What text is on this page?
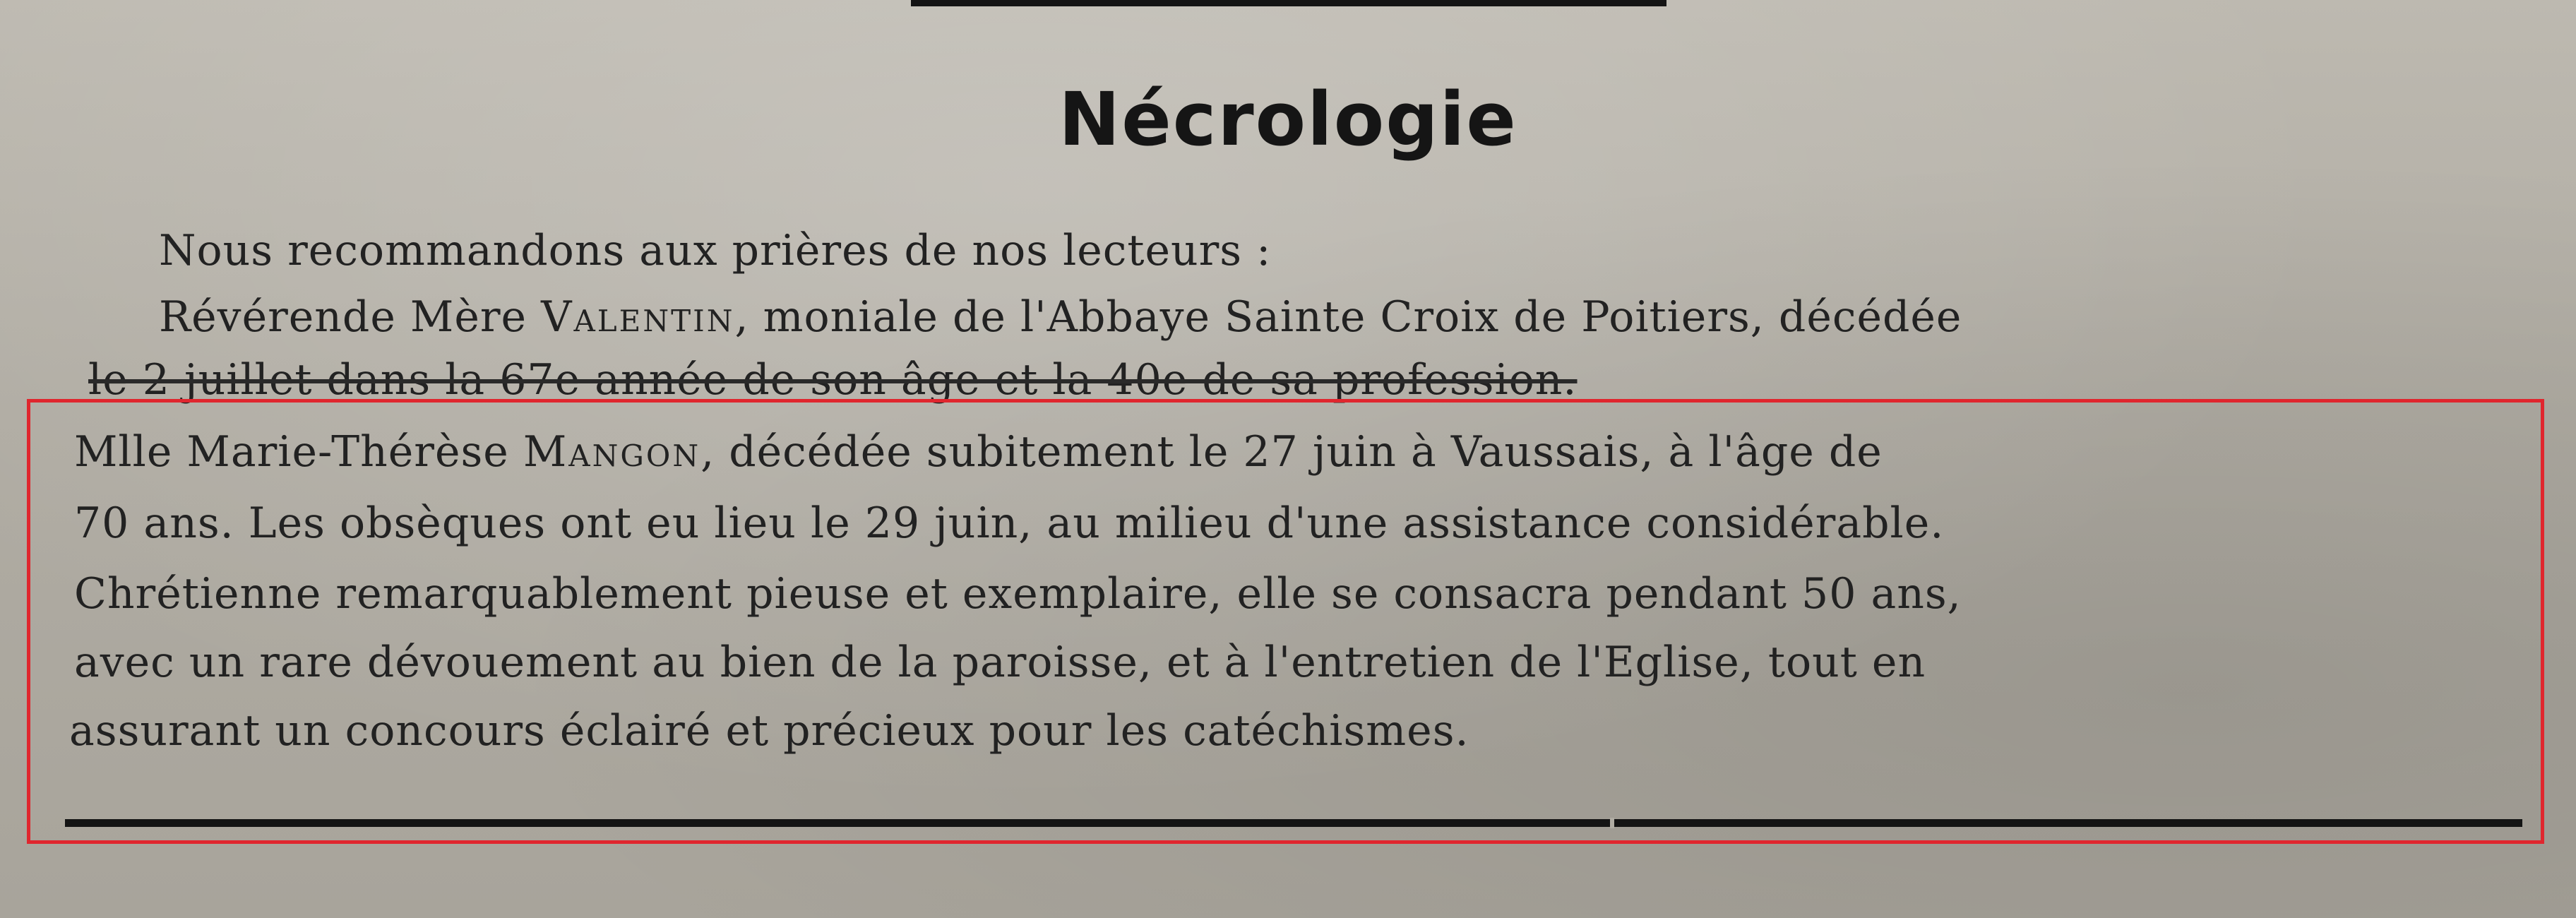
Nécrologie
Nous recommandons aux prières de nos lecteurs :
Révérende Mère Valentin, moniale de l'Abbaye Sainte Croix de Poitiers, décédée
le 2 juillet dans la 67e année de son âge et la 40e de sa profession.
Mlle Marie-Thérèse Mangon, décédée subitement le 27 juin à Vaussais, à l'âge de
70 ans. Les obsèques ont eu lieu le 29 juin, au milieu d'une assistance considérable.
Chrétienne remarquablement pieuse et exemplaire, elle se consacra pendant 50 ans,
avec un rare dévouement au bien de la paroisse, et à l'entretien de l'Eglise, tout en
assurant un concours éclairé et précieux pour les catéchismes.
